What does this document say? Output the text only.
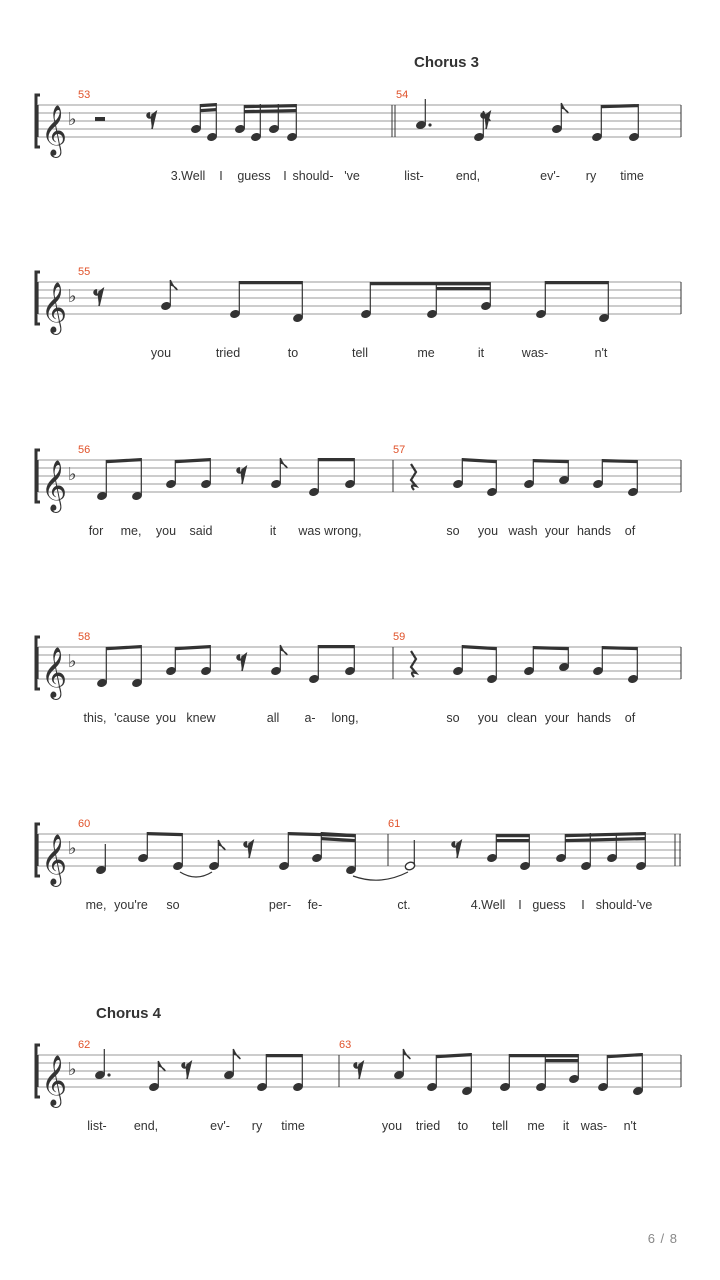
Chorus 3
Chorus 4
𝄞 ♭
53	54
3.Well I guess I should- 've	list-	end,	ev'- ry time
𝄞 ♭
55
you	tried	to	tell	me	it	was-	n't
𝄞 ♭
56	57
for me, you said	it was wrong,	so you wash your hands of
𝄞 ♭
58	59
this, 'cause you knew	all a- long,	so you clean your hands of
𝄞 ♭
60	61
me, you're so	per- fe-	ct.	4.Well I guess I should-'ve
𝄞 ♭
62	63
list- end,	ev'- ry time	you tried to tell me it was- n't
6 / 8
